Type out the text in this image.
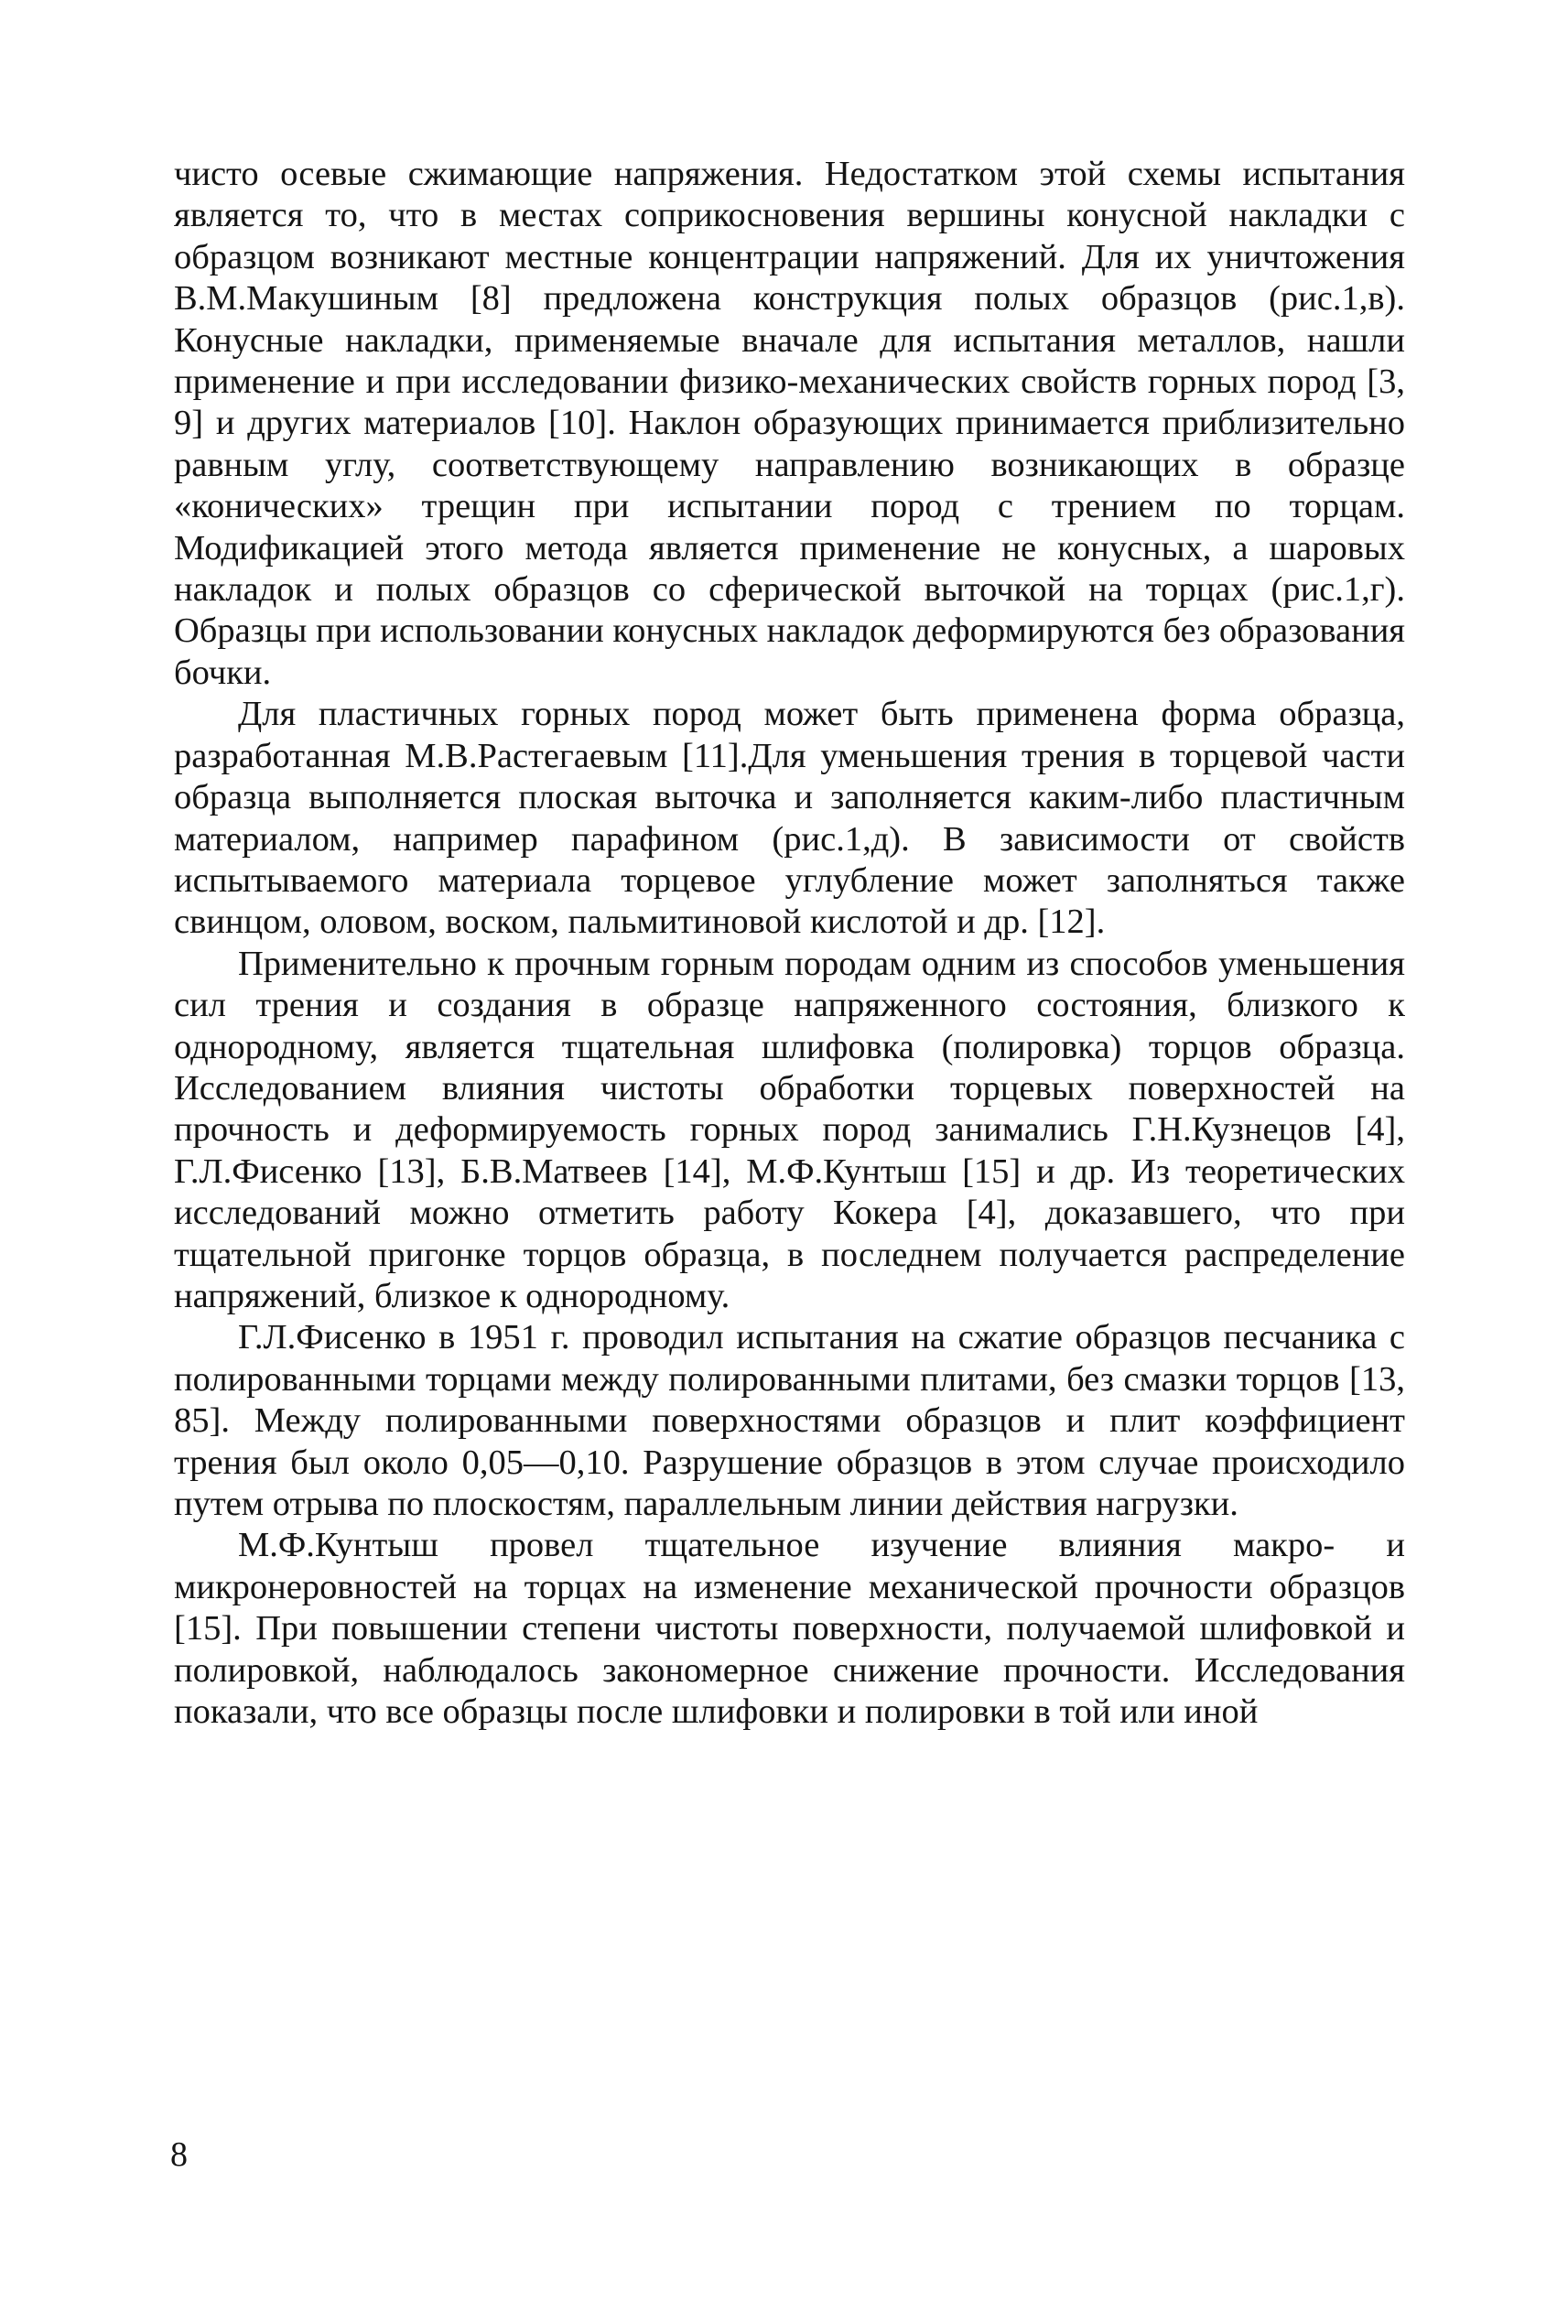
чисто осевые сжимающие напряжения. Недостатком этой схемы испытания является то, что в местах соприкосновения вершины конусной накладки с образцом возникают местные концентрации напряжений. Для их уничтожения В.М.Макушиным [8] предложена конструкция полых образцов (рис.1,в). Конусные накладки, применяемые вначале для испытания металлов, нашли применение и при исследовании физико-механических свойств горных пород [3, 9] и других материалов [10]. Наклон образующих принимается приблизительно равным углу, соответствующему направлению возникающих в образце «конических» трещин при испытании пород с трением по торцам. Модификацией этого метода является применение не конусных, а шаровых накладок и полых образцов со сферической выточкой на торцах (рис.1,г). Образцы при использовании конусных накладок деформируются без образования бочки.

Для пластичных горных пород может быть применена форма образца, разработанная М.В.Растегаевым [11].Для уменьшения трения в торцевой части образца выполняется плоская выточка и заполняется каким-либо пластичным материалом, например парафином (рис.1,д). В зависимости от свойств испытываемого материала торцевое углубление может заполняться также свинцом, оловом, воском, пальмитиновой кислотой и др. [12].

Применительно к прочным горным породам одним из способов уменьшения сил трения и создания в образце напряженного состояния, близкого к однородному, является тщательная шлифовка (полировка) торцов образца. Исследованием влияния чистоты обработки торцевых поверхностей на прочность и деформируемость горных пород занимались Г.Н.Кузнецов [4], Г.Л.Фисенко [13], Б.В.Матвеев [14], М.Ф.Кунтыш [15] и др. Из теоретических исследований можно отметить работу Кокера [4], доказавшего, что при тщательной пригонке торцов образца, в последнем получается распределение напряжений, близкое к однородному.

Г.Л.Фисенко в 1951 г. проводил испытания на сжатие образцов песчаника с полированными торцами между полированными плитами, без смазки торцов [13, 85]. Между полированными поверхностями образцов и плит коэффициент трения был около 0,05—0,10. Разрушение образцов в этом случае происходило путем отрыва по плоскостям, параллельным линии действия нагрузки.

М.Ф.Кунтыш провел тщательное изучение влияния макро- и микронеровностей на торцах на изменение механической прочности образцов [15]. При повышении степени чистоты поверхности, получаемой шлифовкой и полировкой, наблюдалось закономерное снижение прочности. Исследования показали, что все образцы после шлифовки и полировки в той или иной

8
